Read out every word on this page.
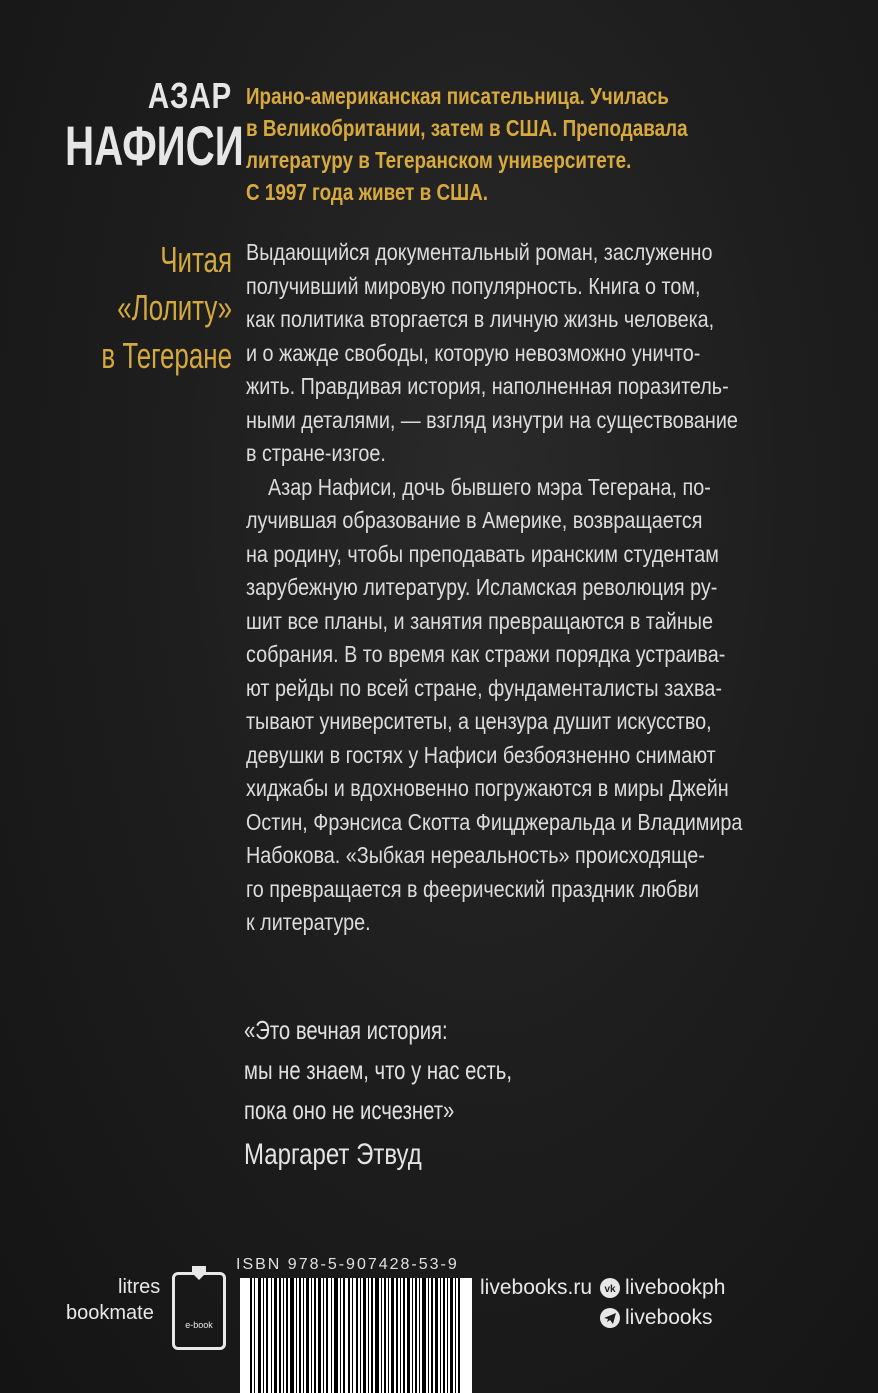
АЗАР
НАФИСИ
Читая
«Лолиту»
в Тегеране
Ирано-американская писательница. Училась
в Великобритании, затем в США. Преподавала
литературу в Тегеранском университете.
С 1997 года живет в США.
Выдающийся документальный роман, заслуженно
получивший мировую популярность. Книга о том,
как политика вторгается в личную жизнь человека,
и о жажде свободы, которую невозможно уничто-
жить. Правдивая история, наполненная поразитель-
ными деталями, — взгляд изнутри на существование
в стране-изгое.
Азар Нафиси, дочь бывшего мэра Тегерана, по-
лучившая образование в Америке, возвращается
на родину, чтобы преподавать иранским студентам
зарубежную литературу. Исламская революция ру-
шит все планы, и занятия превращаются в тайные
собрания. В то время как стражи порядка устраива-
ют рейды по всей стране, фундаменталисты захва-
тывают университеты, а цензура душит искусство,
девушки в гостях у Нафиси безбоязненно снимают
хиджабы и вдохновенно погружаются в миры Джейн
Остин, Фрэнсиса Скотта Фицджеральда и Владимира
Набокова. «Зыбкая нереальность» происходяще-
го превращается в феерический праздник любви
к литературе.
«Это вечная история:
мы не знаем, что у нас есть,
пока оно не исчезнет»
Маргарет Этвуд
litres
bookmate
e-book
ISBN 978-5-907428-53-9
livebooks.ru vk livebookph
livebooks
